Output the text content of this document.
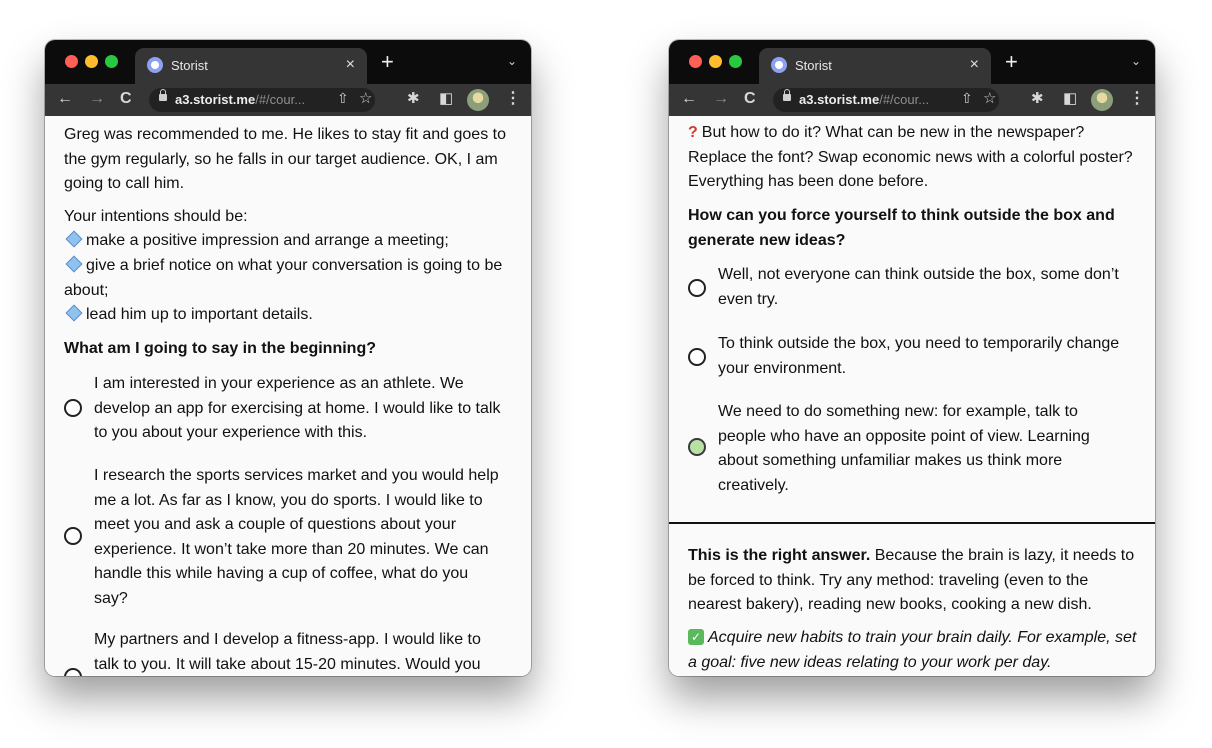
Storist	× +	⌄
← → C	a3.storist.me/#/cour... ⇧ ☆ ✱ ◧	⋮

Greg was recommended to me. He likes to stay fit and goes to the gym regularly, so he falls in our target audience. OK, I am going to call him.

Your intentions should be:

make a positive impression and arrange a meeting;
give a brief notice on what your conversation is going to be about;
lead him up to important details.

What am I going to say in the beginning?

I am interested in your experience as an athlete. We develop an app for exercising at home. I would like to talk to you about your experience with this.
I research the sports services market and you would help me a lot. As far as I know, you do sports. I would like to meet you and ask a couple of questions about your experience. It won’t take more than 20 minutes. We can handle this while having a cup of coffee, what do you say?
My partners and I develop a fitness-app. I would like to talk to you. It will take about 15-20 minutes. Would you
Storist	× +	⌄
← → C	a3.storist.me/#/cour... ⇧ ☆ ✱ ◧	⋮

? But how to do it? What can be new in the newspaper? Replace the font? Swap economic news with a colorful poster? Everything has been done before.

How can you force yourself to think outside the box and generate new ideas?

Well, not everyone can think outside the box, some don’t even try.
To think outside the box, you need to temporarily change your environment.
We need to do something new: for example, talk to people who have an opposite point of view. Learning about something unfamiliar makes us think more creatively.

This is the right answer. Because the brain is lazy, it needs to be forced to think. Try any method: traveling (even to the nearest bakery), reading new books, cooking a new dish.

✓ Acquire new habits to train your brain daily. For example, set a goal: five new ideas relating to your work per day.
